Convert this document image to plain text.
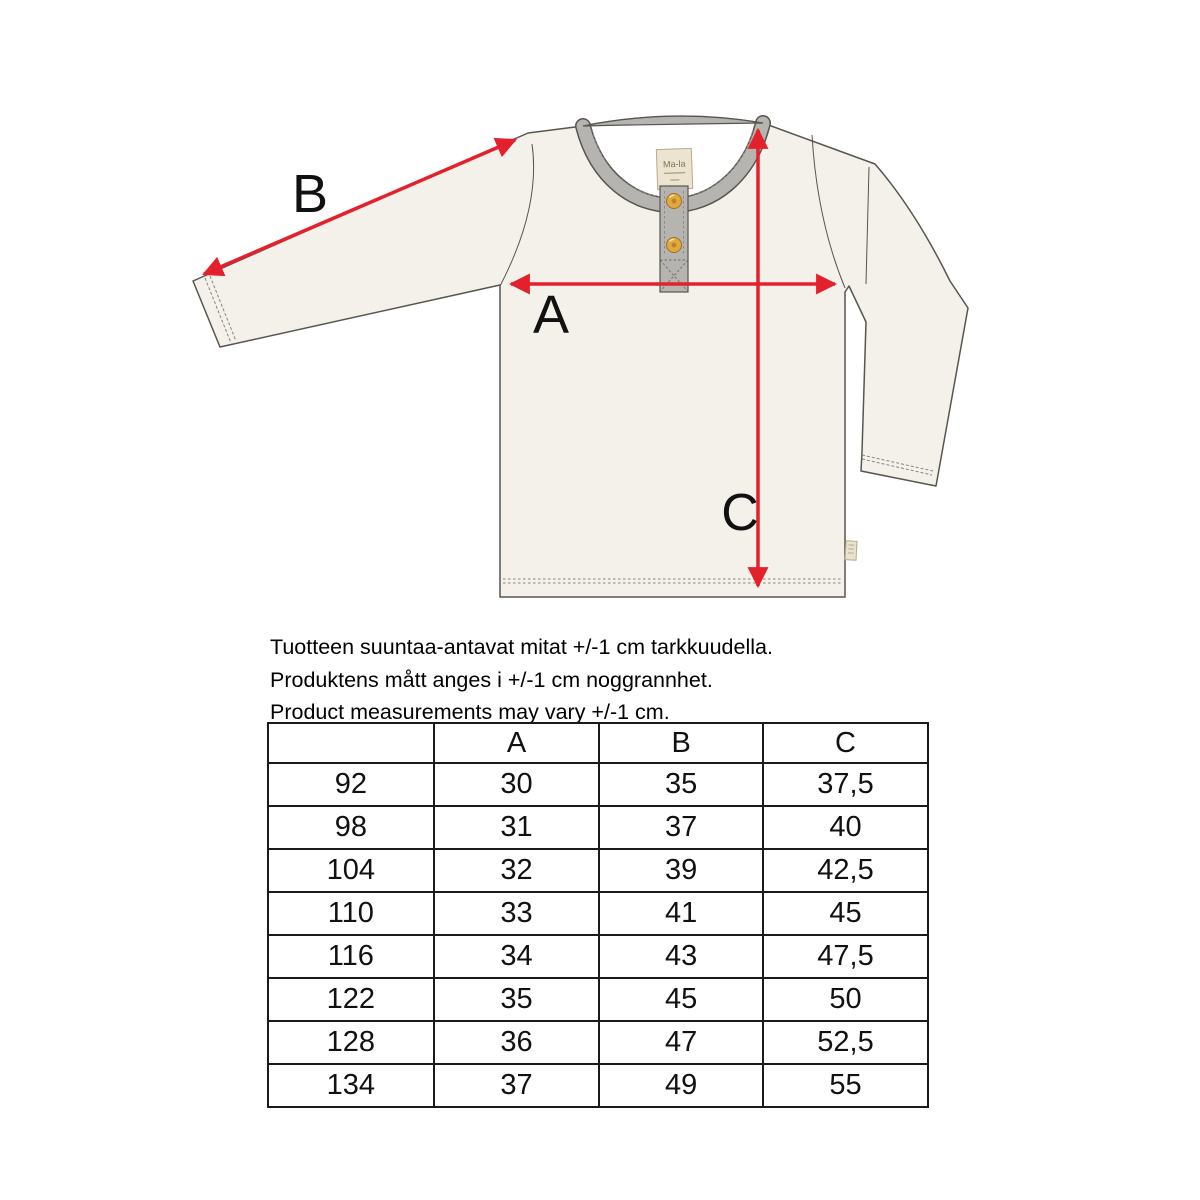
Ma-la
B
A
C
Tuotteen suuntaa-antavat mitat +/-1 cm tarkkuudella.
Produktens mått anges i +/-1 cm noggrannhet.
Product measurements may vary +/-1 cm.
	A	B	C
92	30	35	37,5
98	31	37	40
104	32	39	42,5
110	33	41	45
116	34	43	47,5
122	35	45	50
128	36	47	52,5
134	37	49	55
